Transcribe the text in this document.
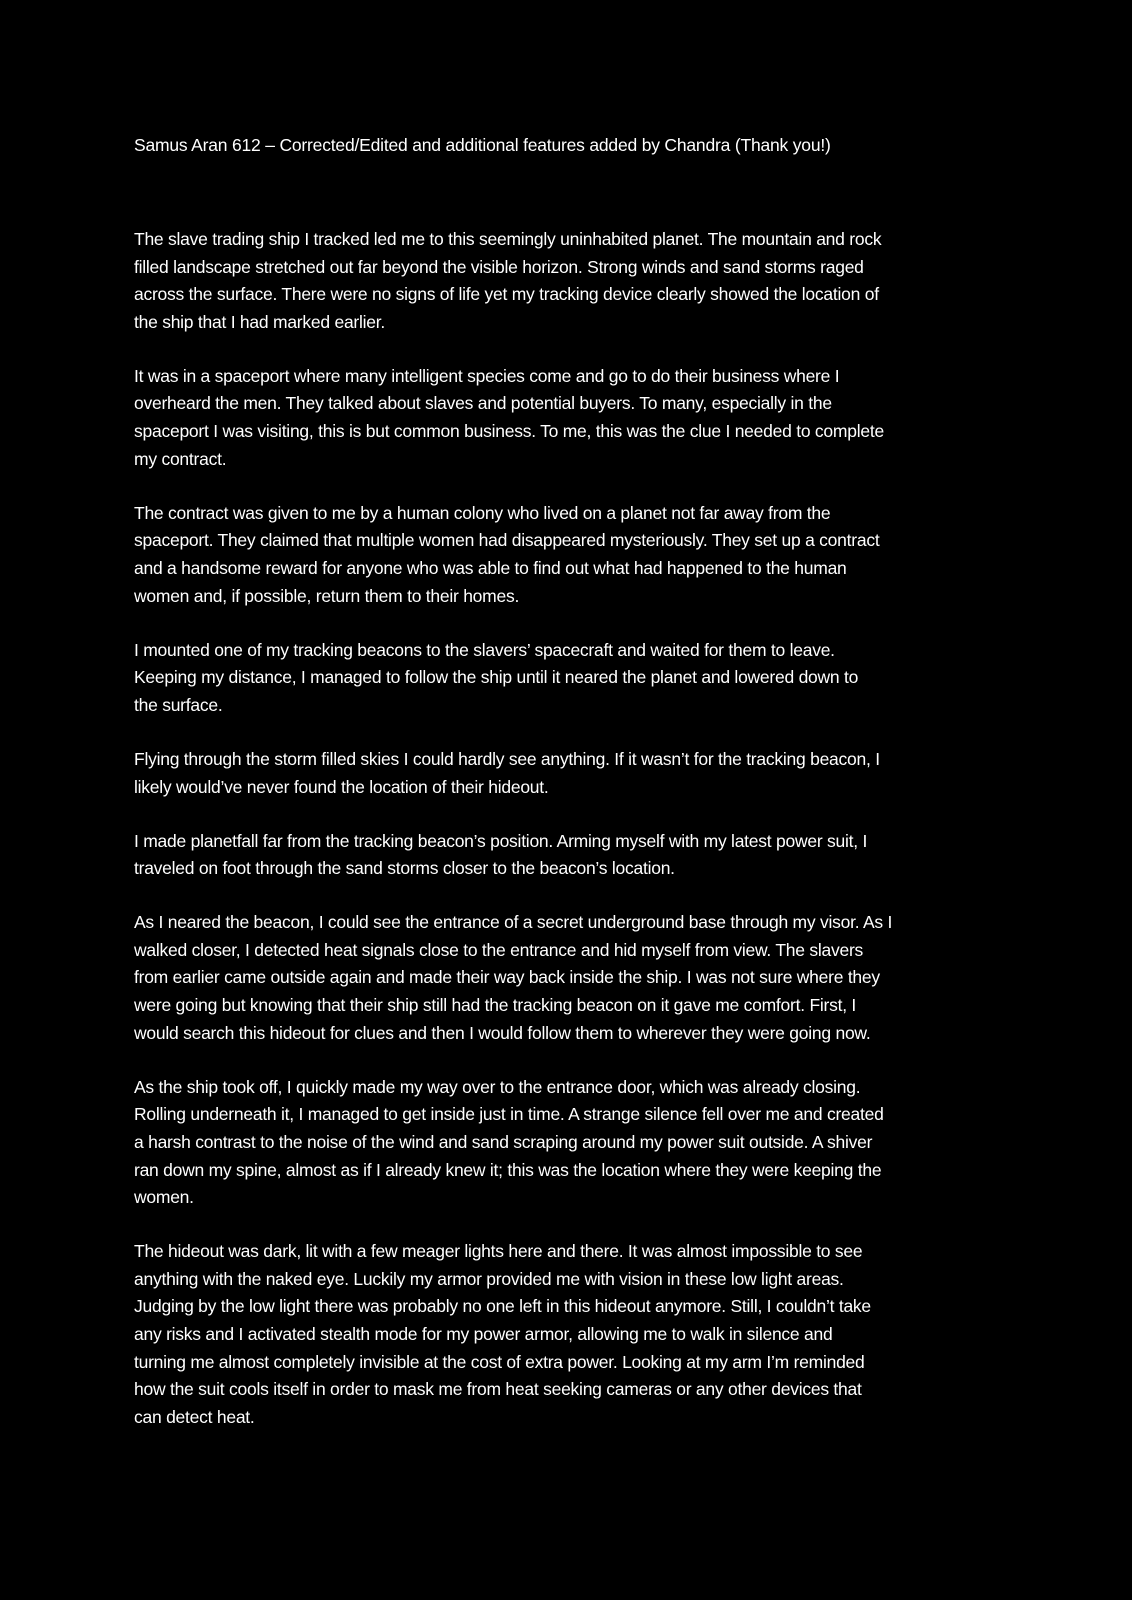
Samus Aran 612 – Corrected/Edited and additional features added by Chandra (Thank you!)

The slave trading ship I tracked led me to this seemingly uninhabited planet. The mountain and rock
filled landscape stretched out far beyond the visible horizon. Strong winds and sand storms raged
across the surface. There were no signs of life yet my tracking device clearly showed the location of
the ship that I had marked earlier.

It was in a spaceport where many intelligent species come and go to do their business where I
overheard the men. They talked about slaves and potential buyers. To many, especially in the
spaceport I was visiting, this is but common business. To me, this was the clue I needed to complete
my contract.

The contract was given to me by a human colony who lived on a planet not far away from the
spaceport. They claimed that multiple women had disappeared mysteriously. They set up a contract
and a handsome reward for anyone who was able to find out what had happened to the human
women and, if possible, return them to their homes.

I mounted one of my tracking beacons to the slavers’ spacecraft and waited for them to leave.
Keeping my distance, I managed to follow the ship until it neared the planet and lowered down to
the surface.

Flying through the storm filled skies I could hardly see anything. If it wasn’t for the tracking beacon, I
likely would’ve never found the location of their hideout.

I made planetfall far from the tracking beacon’s position. Arming myself with my latest power suit, I
traveled on foot through the sand storms closer to the beacon’s location.

As I neared the beacon, I could see the entrance of a secret underground base through my visor. As I
walked closer, I detected heat signals close to the entrance and hid myself from view. The slavers
from earlier came outside again and made their way back inside the ship. I was not sure where they
were going but knowing that their ship still had the tracking beacon on it gave me comfort. First, I
would search this hideout for clues and then I would follow them to wherever they were going now.

As the ship took off, I quickly made my way over to the entrance door, which was already closing.
Rolling underneath it, I managed to get inside just in time. A strange silence fell over me and created
a harsh contrast to the noise of the wind and sand scraping around my power suit outside. A shiver
ran down my spine, almost as if I already knew it; this was the location where they were keeping the
women.

The hideout was dark, lit with a few meager lights here and there. It was almost impossible to see
anything with the naked eye. Luckily my armor provided me with vision in these low light areas.
Judging by the low light there was probably no one left in this hideout anymore. Still, I couldn’t take
any risks and I activated stealth mode for my power armor, allowing me to walk in silence and
turning me almost completely invisible at the cost of extra power. Looking at my arm I’m reminded
how the suit cools itself in order to mask me from heat seeking cameras or any other devices that
can detect heat.
